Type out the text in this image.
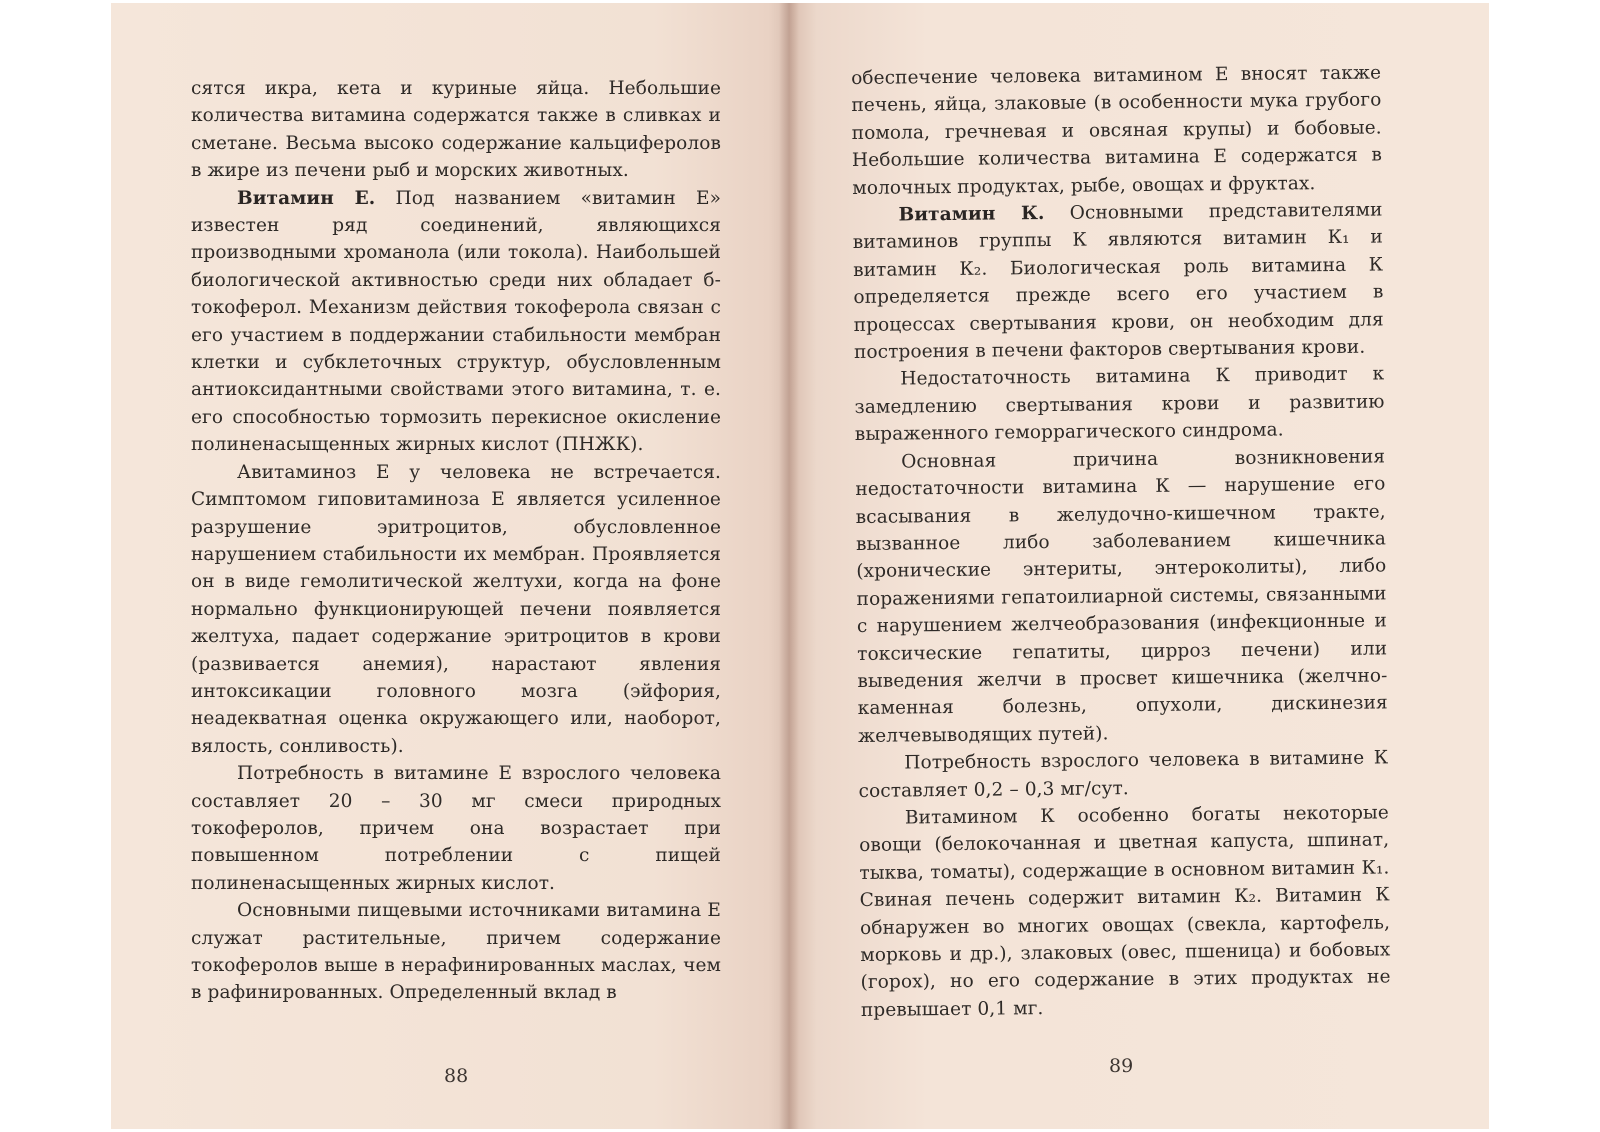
сятся икра, кета и куриные яйца. Небольшие количества витамина содержатся также в сливках и сметане. Весьма высоко содержание кальциферолов в жире из печени рыб и морских животных.

Витамин Е. Под названием «витамин Е» известен ряд соединений, являющихся производными хроманола (или токола). Наибольшей биологической активностью среди них обладает б-токоферол. Механизм действия токоферола связан с его участием в поддержании стабильности мембран клетки и субклеточных структур, обусловленным антиоксидантными свойствами этого витамина, т. е. его способностью тормозить перекисное окисление полиненасыщенных жирных кислот (ПНЖК).

Авитаминоз Е у человека не встречается. Симптомом гиповитаминоза Е является усиленное разрушение эритроцитов, обусловленное нарушением стабильности их мембран. Проявляется он в виде гемолитической желтухи, когда на фоне нормально функционирующей печени появляется желтуха, падает содержание эритроцитов в крови (развивается анемия), нарастают явления интоксикации головного мозга (эйфория, неадекватная оценка окружающего или, наоборот, вялость, сонливость).

Потребность в витамине Е взрослого человека составляет 20 – 30 мг смеси природных токоферолов, причем она возрастает при повышенном потреблении с пищей полиненасыщенных жирных кислот.

Основными пищевыми источниками витамина Е служат растительные, причем содержание токоферолов выше в нерафинированных маслах, чем в рафинированных. Определенный вклад в

88

обеспечение человека витамином Е вносят также печень, яйца, злаковые (в особенности мука грубого помола, гречневая и овсяная крупы) и бобовые. Небольшие количества витамина Е содержатся в молочных продуктах, рыбе, овощах и фруктах.

Витамин К. Основными представителями витаминов группы К являются витамин К₁ и витамин К₂. Биологическая роль витамина К определяется прежде всего его участием в процессах свертывания крови, он необходим для построения в печени факторов свертывания крови.

Недостаточность витамина К приводит к замедлению свертывания крови и развитию выраженного геморрагического синдрома.

Основная причина возникновения недостаточности витамина К — нарушение его всасывания в желудочно-кишечном тракте, вызванное либо заболеванием кишечника (хронические энтериты, энтероколиты), либо поражениями гепатоилиарной системы, связанными с нарушением желчеобразования (инфекционные и токсические гепатиты, цирроз печени) или выведения желчи в просвет кишечника (желчно-каменная болезнь, опухоли, дискинезия желчевыводящих путей).

Потребность взрослого человека в витамине К составляет 0,2 – 0,3 мг/сут.

Витамином К особенно богаты некоторые овощи (белокочанная и цветная капуста, шпинат, тыква, томаты), содержащие в основном витамин К₁. Свиная печень содержит витамин К₂. Витамин К обнаружен во многих овощах (свекла, картофель, морковь и др.), злаковых (овес, пшеница) и бобовых (горох), но его содержание в этих продуктах не превышает 0,1 мг.

89
